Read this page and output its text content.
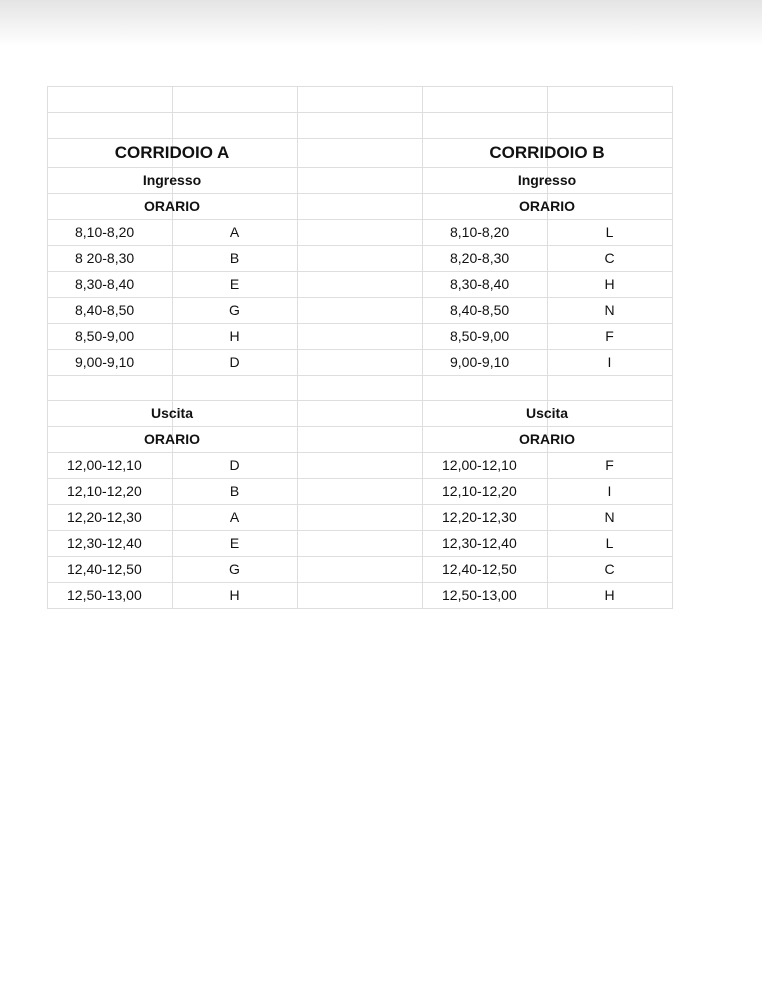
CORRIDOIO A
Ingresso
ORARIO
Uscita
ORARIO
8,10-8,20	A
8 20-8,30	B
8,30-8,40	E
8,40-8,50	G
8,50-9,00	H
9,00-9,10	D
12,00-12,10	D
12,10-12,20	B
12,20-12,30	A
12,30-12,40	E
12,40-12,50	G
12,50-13,00	H
CORRIDOIO B
Ingresso
ORARIO
Uscita
ORARIO
8,10-8,20	L
8,20-8,30	C
8,30-8,40	H
8,40-8,50	N
8,50-9,00	F
9,00-9,10	I
12,00-12,10	F
12,10-12,20	I
12,20-12,30	N
12,30-12,40	L
12,40-12,50	C
12,50-13,00	H
